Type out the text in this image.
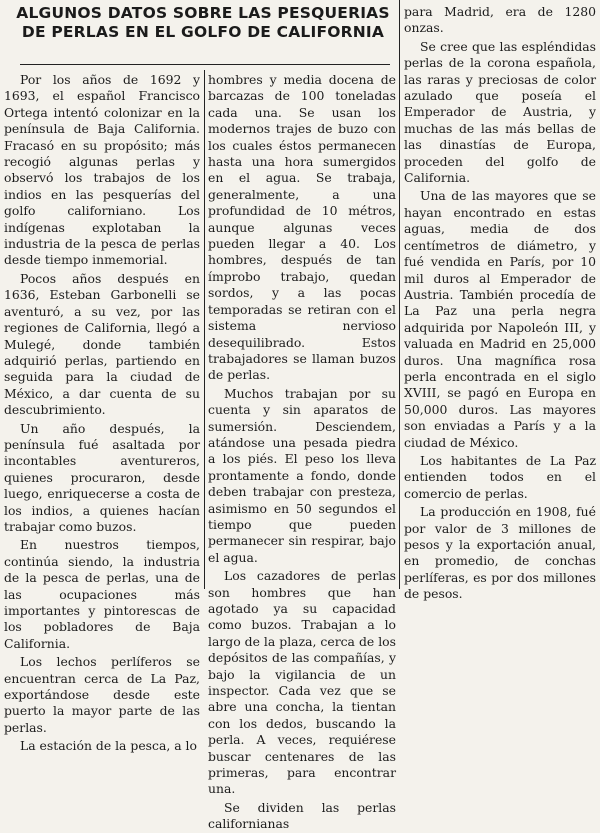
ALGUNOS DATOS SOBRE LAS PESQUERIAS
DE PERLAS EN EL GOLFO DE CALIFORNIA

Por los años de 1692 y 1693, el español Francisco Ortega intentó colonizar en la península de Baja California. Fracasó en su propósito; más recogió algunas perlas y observó los trabajos de los indios en las pesquerías del golfo californiano. Los indígenas explotaban la industria de la pesca de perlas desde tiempo inmemorial.

Pocos años después en 1636, Esteban Garbonelli se aventuró, a su vez, por las regiones de California, llegó a Mulegé, donde también adquirió perlas, partiendo en seguida para la ciudad de México, a dar cuenta de su descubrimiento.

Un año después, la península fué asaltada por incontables aventureros, quienes procuraron, desde luego, enriquecerse a costa de los indios, a quienes hacían trabajar como buzos.

En nuestros tiempos, continúa siendo, la industria de la pesca de perlas, una de las ocupaciones más importantes y pintorescas de los pobladores de Baja California.

Los lechos perlíferos se encuentran cerca de La Paz, exportándose desde este puerto la mayor parte de las perlas.

La estación de la pesca, a lo

hombres y media docena de barcazas de 100 toneladas cada una. Se usan los modernos trajes de buzo con los cuales éstos permanecen hasta una hora sumergidos en el agua. Se trabaja, generalmente, a una profundidad de 10 métros, aunque algunas veces pueden llegar a 40. Los hombres, después de tan ímprobo trabajo, quedan sordos, y a las pocas temporadas se retiran con el sistema nervioso desequilibrado. Estos trabajadores se llaman buzos de perlas.

Muchos trabajan por su cuenta y sin aparatos de sumersión. Desciendem, atándose una pesada piedra a los piés. El peso los lleva prontamente a fondo, donde deben trabajar con presteza, asimismo en 50 segundos el tiempo que pueden permanecer sin respirar, bajo el agua.

Los cazadores de perlas son hombres que han agotado ya su capacidad como buzos. Trabajan a lo largo de la plaza, cerca de los depósitos de las compañías, y bajo la vigilancia de un inspector. Cada vez que se abre una concha, la tientan con los dedos, buscando la perla. A veces, requiérese buscar centenares de las primeras, para encontrar una.

Se dividen las perlas californianas

para Madrid, era de 1280 onzas.

Se cree que las espléndidas perlas de la corona española, las raras y preciosas de color azulado que poseía el Emperador de Austria, y muchas de las más bellas de las dinastías de Europa, proceden del golfo de California.

Una de las mayores que se hayan encontrado en estas aguas, media de dos centímetros de diámetro, y fué vendida en París, por 10 mil duros al Emperador de Austria. También procedía de La Paz una perla negra adquirida por Napoleón III, y valuada en Madrid en 25,000 duros. Una magnífica rosa perla encontrada en el siglo XVIII, se pagó en Europa en 50,000 duros. Las mayores son enviadas a París y a la ciudad de México.

Los habitantes de La Paz entienden todos en el comercio de perlas.

La producción en 1908, fué por valor de 3 millones de pesos y la exportación anual, en promedio, de conchas perlíferas, es por dos millones de pesos.
